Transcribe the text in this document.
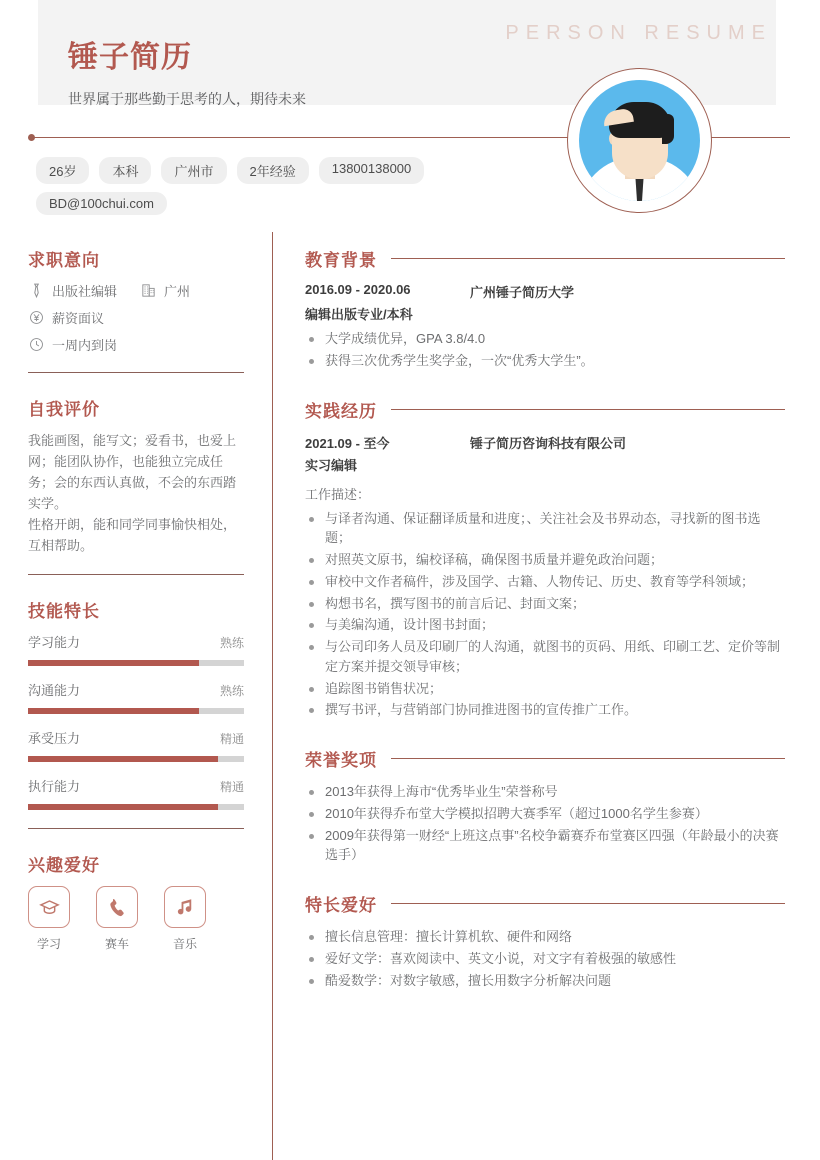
锤子简历
世界属于那些勤于思考的人，期待未来
PERSON RESUME
26岁	本科	广州市	2年经验	13800138000
BD@100chui.com
求职意向
出版社编辑	广州
薪资面议
一周内到岗
自我评价
我能画图，能写文；爱看书，也爱上网；能团队协作，也能独立完成任务；会的东西认真做，不会的东西踏实学。
性格开朗，能和同学同事愉快相处，互相帮助。
技能特长
学习能力	熟练
沟通能力	熟练
承受压力	精通
执行能力	精通
兴趣爱好
学习	赛车	音乐
教育背景
2016.09 - 2020.06	广州锤子简历大学
编辑出版专业/本科
大学成绩优异，GPA 3.8/4.0
获得三次优秀学生奖学金，一次“优秀大学生”。
实践经历
2021.09 - 至今	锤子简历咨询科技有限公司
实习编辑
工作描述：
与译者沟通、保证翻译质量和进度；、关注社会及书界动态，寻找新的图书选题；
对照英文原书，编校译稿，确保图书质量并避免政治问题；
审校中文作者稿件，涉及国学、古籍、人物传记、历史、教育等学科领域；
构想书名，撰写图书的前言后记、封面文案；
与美编沟通，设计图书封面；
与公司印务人员及印刷厂的人沟通，就图书的页码、用纸、印刷工艺、定价等制定方案并提交领导审核；
追踪图书销售状况；
撰写书评，与营销部门协同推进图书的宣传推广工作。
荣誉奖项
2013年获得上海市“优秀毕业生”荣誉称号
2010年获得乔布堂大学模拟招聘大赛季军（超过1000名学生参赛）
2009年获得第一财经“上班这点事”名校争霸赛乔布堂赛区四强（年龄最小的决赛选手）
特长爱好
擅长信息管理：擅长计算机软、硬件和网络
爱好文学：喜欢阅读中、英文小说，对文字有着极强的敏感性
酷爱数学：对数字敏感，擅长用数字分析解决问题
